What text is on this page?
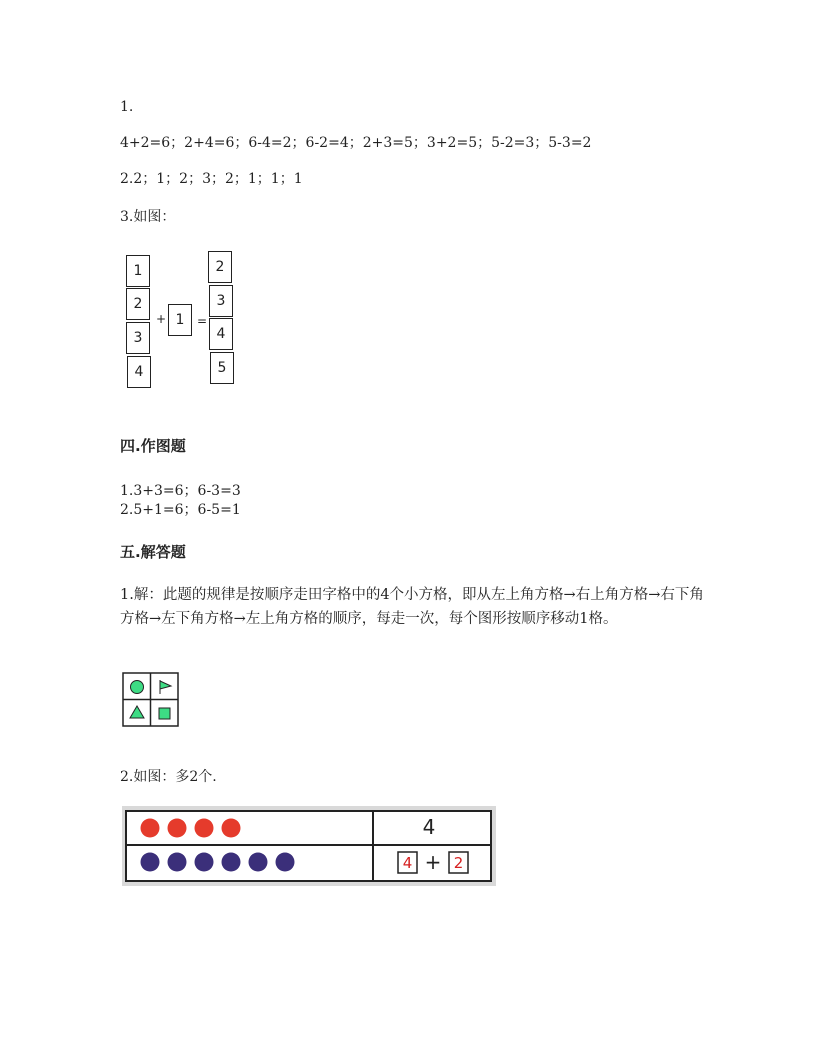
1.
4+2=6；2+4=6；6-4=2；6-2=4；2+3=5；3+2=5；5-2=3；5-3=2
2.2；1；2；3；2；1；1；1
3.如图：
1
2
3
4
+ 1	=
2
3
4
5
四.作图题
1.3+3=6；6-3=3
2.5+1=6；6-5=1
五.解答题
1.解：此题的规律是按顺序走田字格中的4个小方格，即从左上角方格→右上角方格→右下角方格→左下角方格→左上角方格的顺序，每走一次，每个图形按顺序移动1格。
2.如图：多2个.
4
4 + 2
